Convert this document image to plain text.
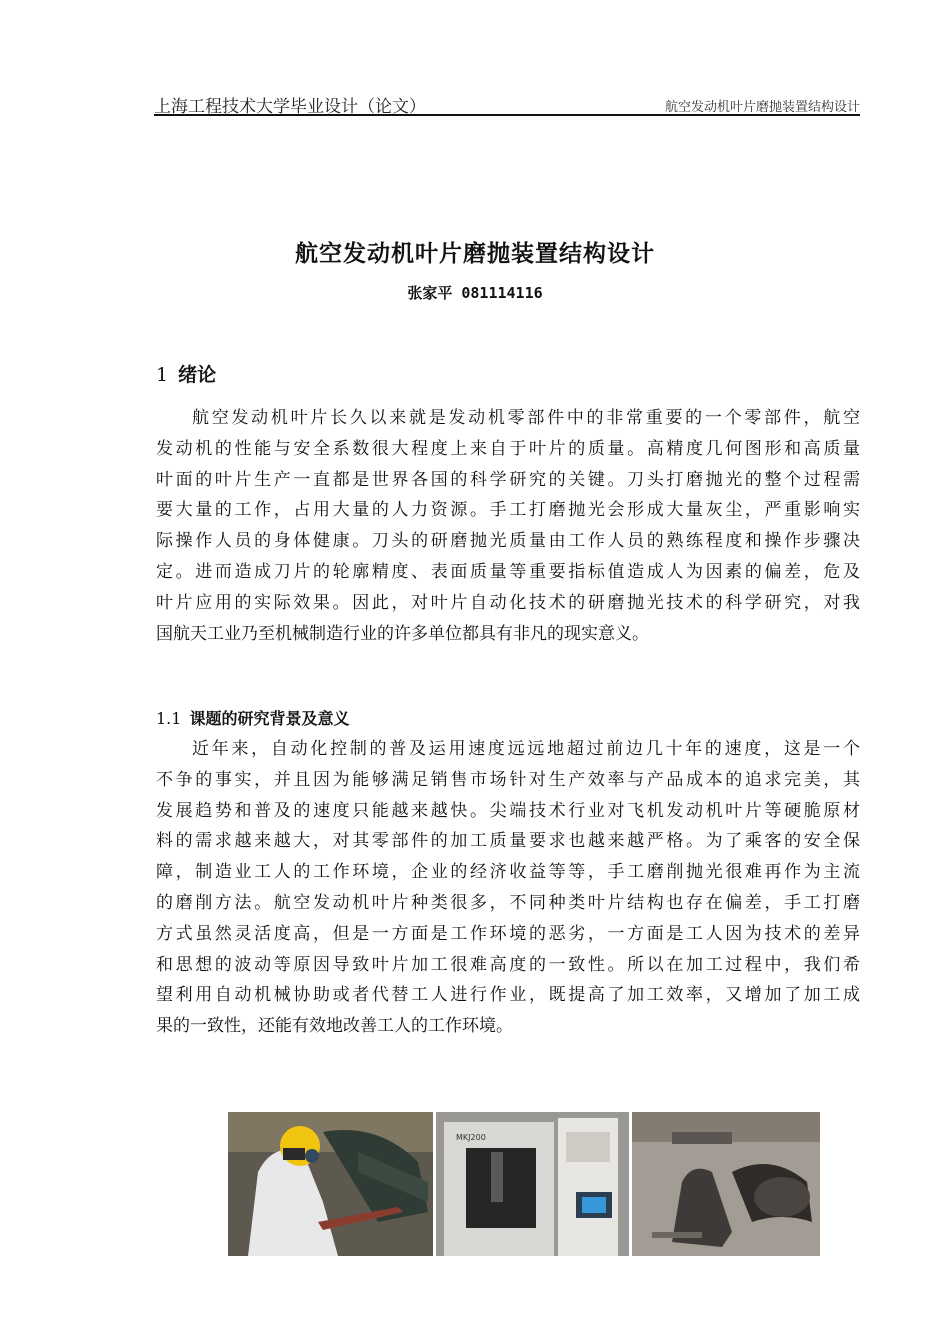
上海工程技术大学毕业设计（论文）	航空发动机叶片磨抛装置结构设计
航空发动机叶片磨抛装置结构设计
张家平 081114116
1 绪论
航空发动机叶片长久以来就是发动机零部件中的非常重要的一个零部件，航空
发动机的性能与安全系数很大程度上来自于叶片的质量。高精度几何图形和高质量
叶面的叶片生产一直都是世界各国的科学研究的关键。刀头打磨抛光的整个过程需
要大量的工作，占用大量的人力资源。手工打磨抛光会形成大量灰尘，严重影响实
际操作人员的身体健康。刀头的研磨抛光质量由工作人员的熟练程度和操作步骤决
定。进而造成刀片的轮廓精度、表面质量等重要指标值造成人为因素的偏差，危及
叶片应用的实际效果。因此，对叶片自动化技术的研磨抛光技术的科学研究，对我
国航天工业乃至机械制造行业的许多单位都具有非凡的现实意义。
1.1 课题的研究背景及意义
近年来，自动化控制的普及运用速度远远地超过前边几十年的速度，这是一个
不争的事实，并且因为能够满足销售市场针对生产效率与产品成本的追求完美，其
发展趋势和普及的速度只能越来越快。尖端技术行业对飞机发动机叶片等硬脆原材
料的需求越来越大，对其零部件的加工质量要求也越来越严格。为了乘客的安全保
障，制造业工人的工作环境，企业的经济收益等等，手工磨削抛光很难再作为主流
的磨削方法。航空发动机叶片种类很多，不同种类叶片结构也存在偏差，手工打磨
方式虽然灵活度高，但是一方面是工作环境的恶劣，一方面是工人因为技术的差异
和思想的波动等原因导致叶片加工很难高度的一致性。所以在加工过程中，我们希
望利用自动机械协助或者代替工人进行作业，既提高了加工效率，又增加了加工成
果的一致性，还能有效地改善工人的工作环境。
MKJ200
